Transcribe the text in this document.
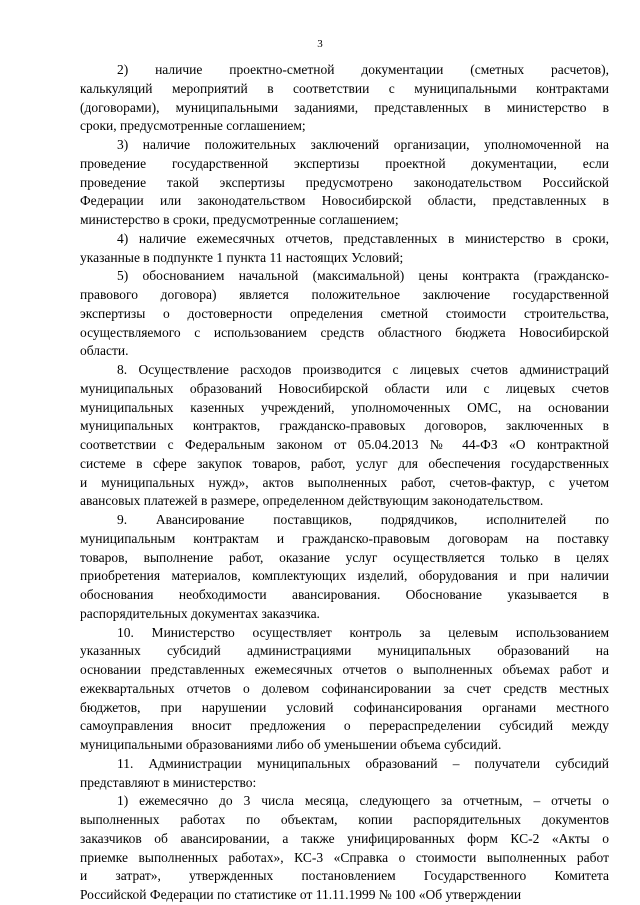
3
2) наличие проектно-сметной документации (сметных расчетов),
калькуляций мероприятий в соответствии с муниципальными контрактами
(договорами), муниципальными заданиями, представленных в министерство в
сроки, предусмотренные соглашением;
3) наличие положительных заключений организации, уполномоченной на
проведение государственной экспертизы проектной документации, если
проведение такой экспертизы предусмотрено законодательством Российской
Федерации или законодательством Новосибирской области, представленных в
министерство в сроки, предусмотренные соглашением;
4) наличие ежемесячных отчетов, представленных в министерство в сроки,
указанные в подпункте 1 пункта 11 настоящих Условий;
5) обоснованием начальной (максимальной) цены контракта (гражданско-
правового договора) является положительное заключение государственной
экспертизы о достоверности определения сметной стоимости строительства,
осуществляемого с использованием средств областного бюджета Новосибирской
области.
8. Осуществление расходов производится с лицевых счетов администраций
муниципальных образований Новосибирской области или с лицевых счетов
муниципальных казенных учреждений, уполномоченных ОМС, на основании
муниципальных контрактов, гражданско-правовых договоров, заключенных в
соответствии с Федеральным законом от 05.04.2013 № 44-ФЗ «О контрактной
системе в сфере закупок товаров, работ, услуг для обеспечения государственных
и муниципальных нужд», актов выполненных работ, счетов-фактур, с учетом
авансовых платежей в размере, определенном действующим законодательством.
9. Авансирование поставщиков, подрядчиков, исполнителей по
муниципальным контрактам и гражданско-правовым договорам на поставку
товаров, выполнение работ, оказание услуг осуществляется только в целях
приобретения материалов, комплектующих изделий, оборудования и при наличии
обоснования необходимости авансирования. Обоснование указывается в
распорядительных документах заказчика.
10. Министерство осуществляет контроль за целевым использованием
указанных субсидий администрациями муниципальных образований на
основании представленных ежемесячных отчетов о выполненных объемах работ и
ежеквартальных отчетов о долевом софинансировании за счет средств местных
бюджетов, при нарушении условий софинансирования органами местного
самоуправления вносит предложения о перераспределении субсидий между
муниципальными образованиями либо об уменьшении объема субсидий.
11. Администрации муниципальных образований – получатели субсидий
представляют в министерство:
1) ежемесячно до 3 числа месяца, следующего за отчетным, – отчеты о
выполненных работах по объектам, копии распорядительных документов
заказчиков об авансировании, а также унифицированных форм КС-2 «Акты о
приемке выполненных работах», КС-3 «Справка о стоимости выполненных работ
и затрат», утвержденных постановлением Государственного Комитета
Российской Федерации по статистике от 11.11.1999 № 100 «Об утверждении
